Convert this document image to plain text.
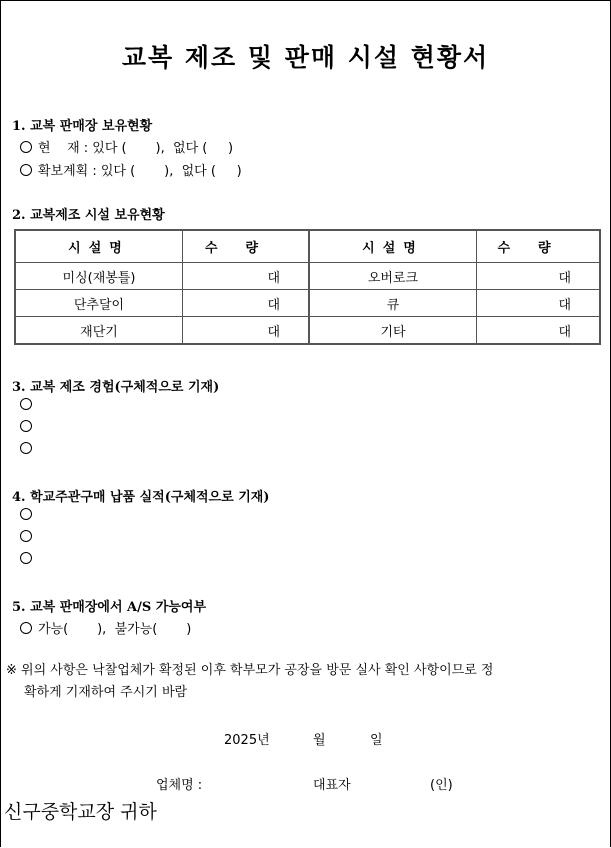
교복 제조 및 판매 시설 현황서
1. 교복 판매장 보유현황
현    재 : 있다 (       ),  없다 (     )
확보계획 : 있다 (       ),  없다 (     )
2. 교복제조 시설 보유현황
시설명	수량	시설명	수량
미싱(재봉틀)	대	오버로크	대
단추달이	대	큐	대
재단기	대	기타	대
3. 교복 제조 경험(구체적으로 기재)
4. 학교주관구매 납품 실적(구체적으로 기재)
5. 교복 판매장에서 A/S 가능여부
가능(       ),  불가능(       )
※ 위의 사항은 낙찰업체가 확정된 이후 학부모가 공장을 방문 실사 확인 사항이므로 정
확하게 기재하여 주시기 바람
2025년	월	일
업체명 :	대표자	(인)
신구중학교장 귀하
